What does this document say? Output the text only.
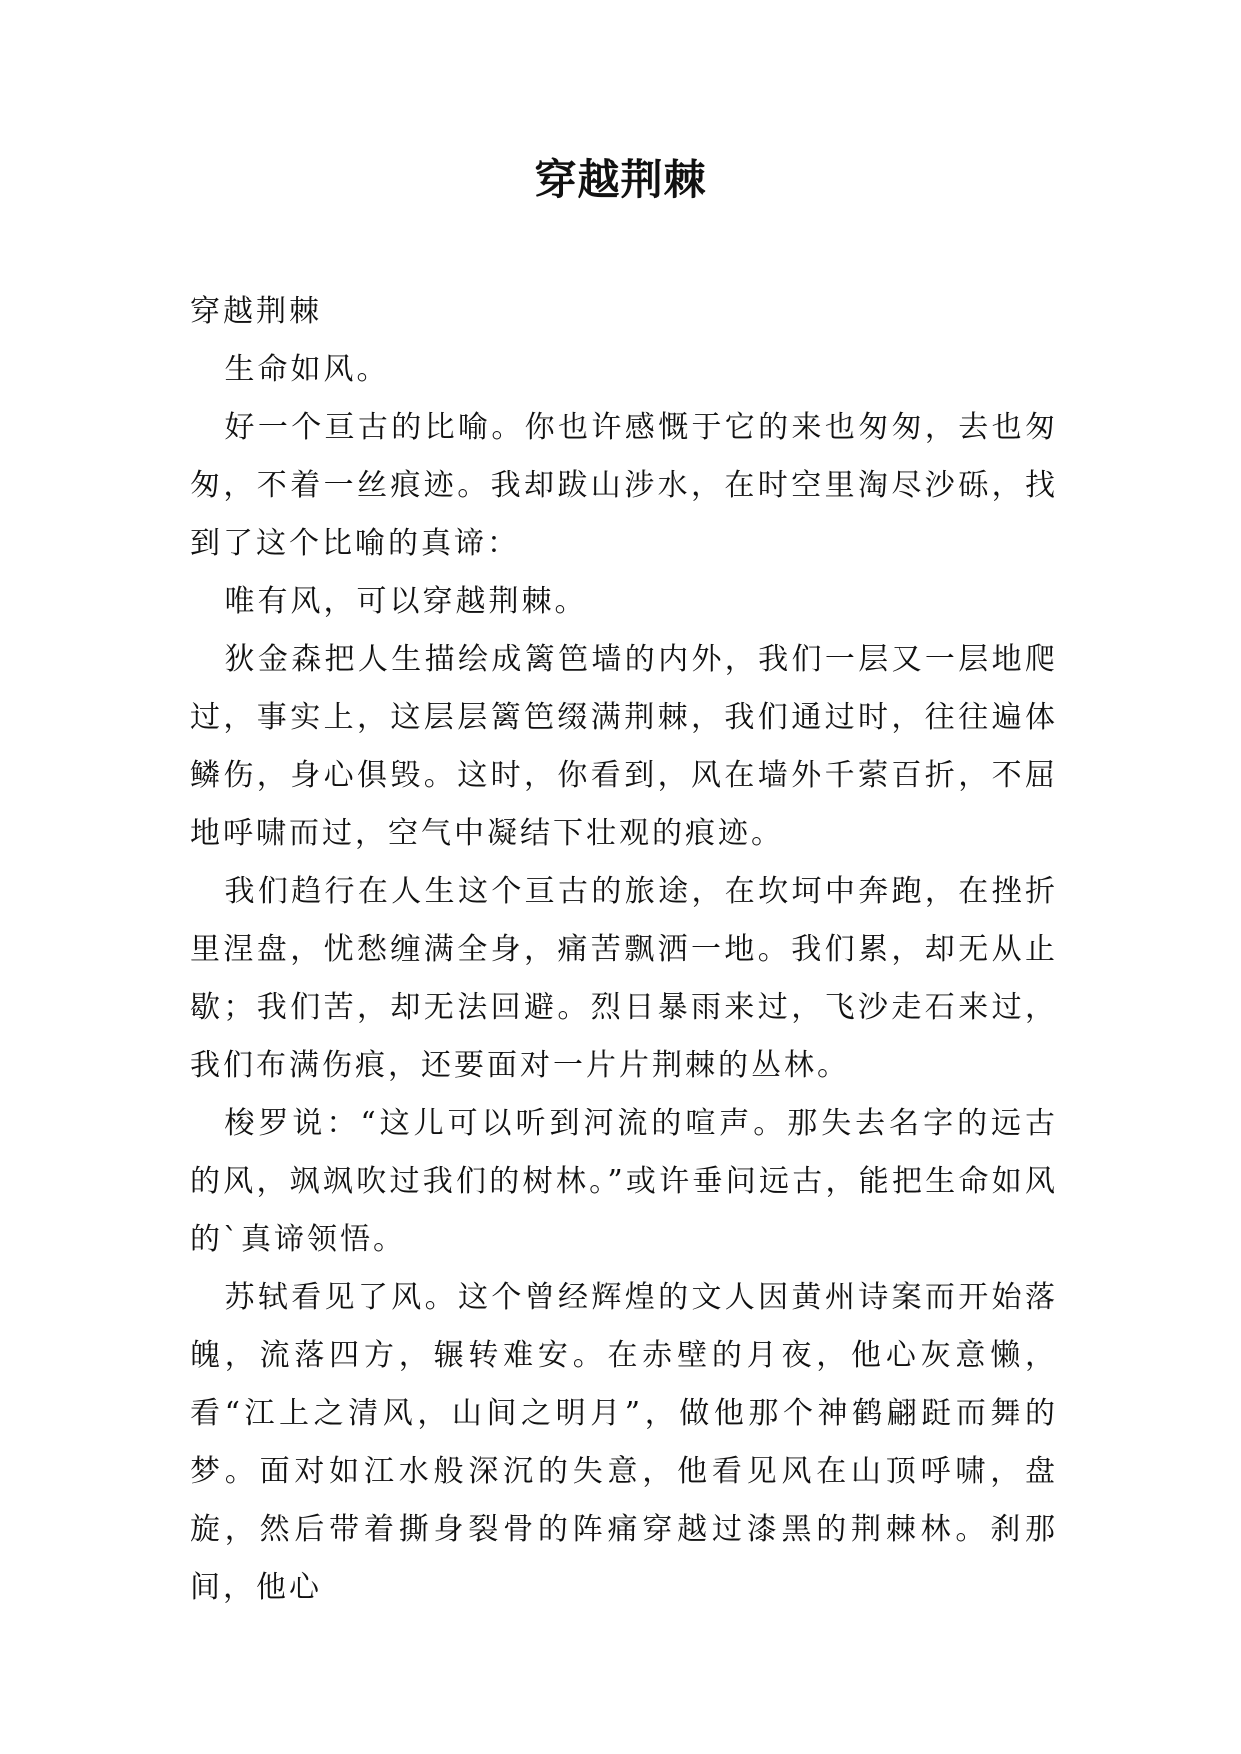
穿越荆棘

穿越荆棘

生命如风。

好一个亘古的比喻。你也许感慨于它的来也匆匆，去也匆匆，不着一丝痕迹。我却跋山涉水，在时空里淘尽沙砾，找到了这个比喻的真谛：

唯有风，可以穿越荆棘。

狄金森把人生描绘成篱笆墙的内外，我们一层又一层地爬过，事实上，这层层篱笆缀满荆棘，我们通过时，往往遍体鳞伤，身心俱毁。这时，你看到，风在墙外千萦百折，不屈地呼啸而过，空气中凝结下壮观的痕迹。

我们趋行在人生这个亘古的旅途，在坎坷中奔跑，在挫折里涅盘，忧愁缠满全身，痛苦飘洒一地。我们累，却无从止歇；我们苦，却无法回避。烈日暴雨来过，飞沙走石来过，我们布满伤痕，还要面对一片片荆棘的丛林。

梭罗说：“这儿可以听到河流的喧声。那失去名字的远古的风，飒飒吹过我们的树林。”或许垂问远古，能把生命如风的`真谛领悟。

苏轼看见了风。这个曾经辉煌的文人因黄州诗案而开始落魄，流落四方，辗转难安。在赤壁的月夜，他心灰意懒，看“江上之清风，山间之明月”，做他那个神鹤翩跹而舞的梦。面对如江水般深沉的失意，他看见风在山顶呼啸，盘旋，然后带着撕身裂骨的阵痛穿越过漆黑的荆棘林。刹那间，他心
